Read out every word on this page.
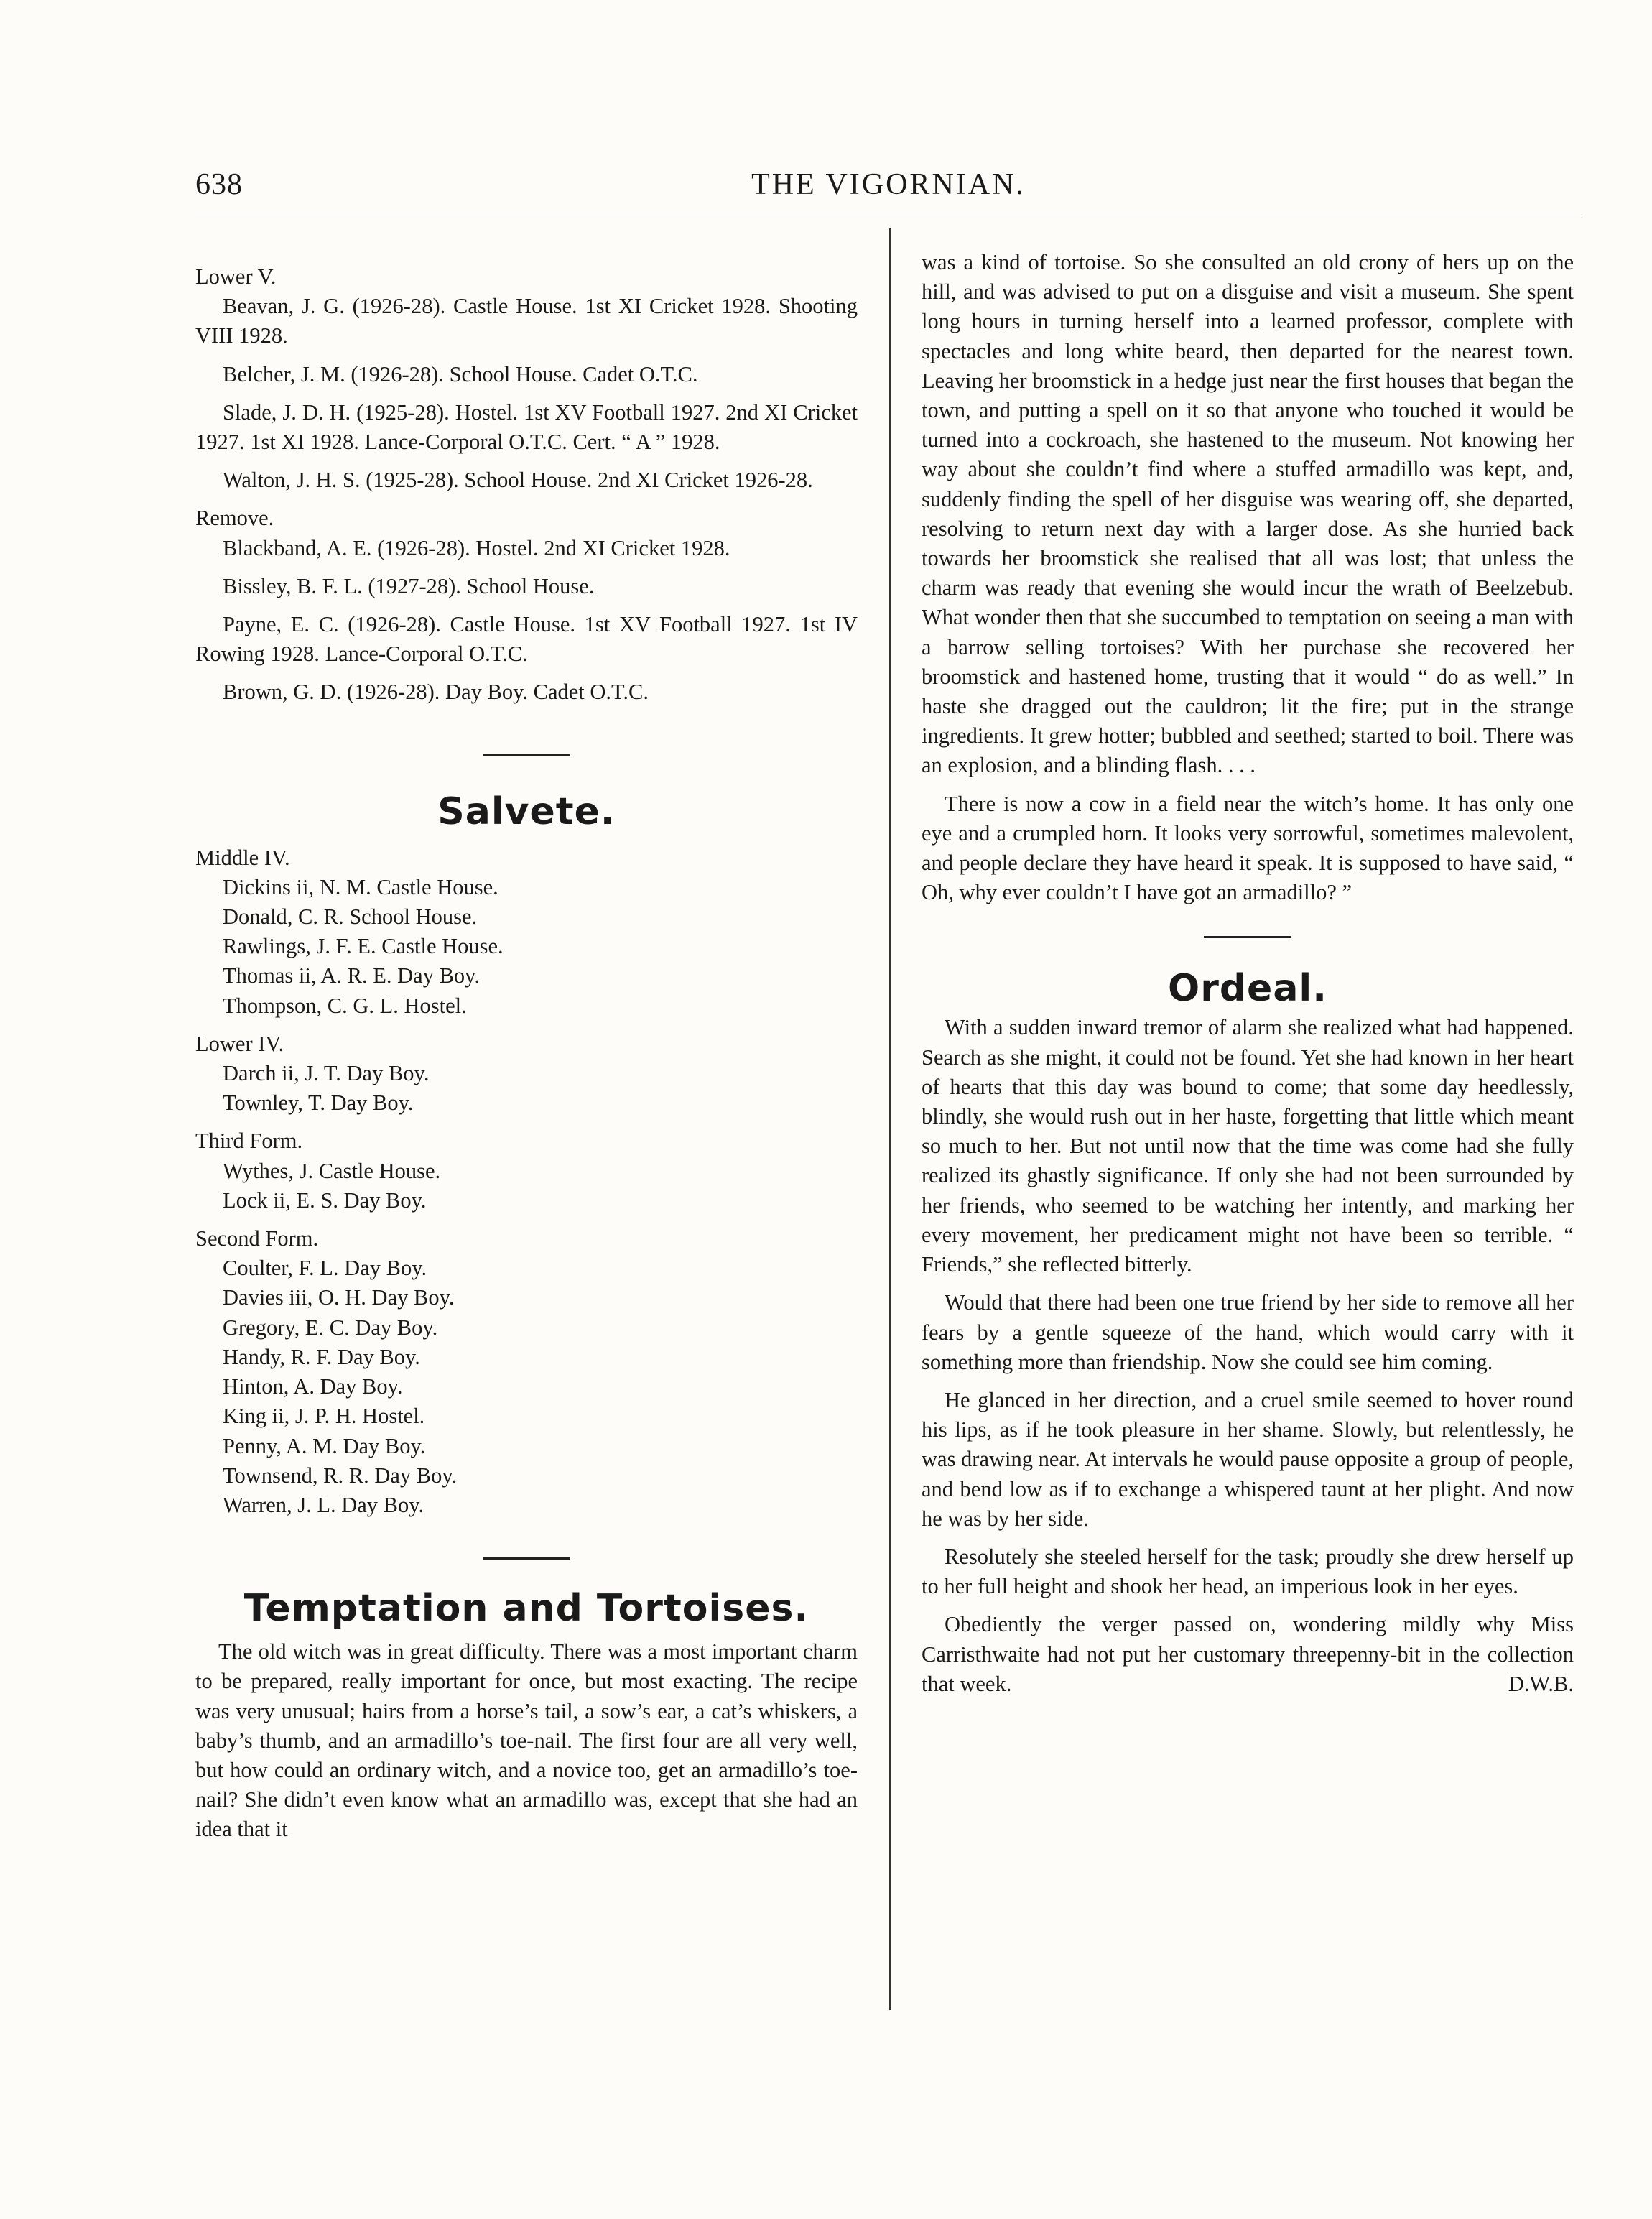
638	THE VIGORNIAN.

Lower V.

Beavan, J. G. (1926-28). Castle House. 1st XI Cricket 1928. Shooting VIII 1928.

Belcher, J. M. (1926-28). School House. Cadet O.T.C.

Slade, J. D. H. (1925-28). Hostel. 1st XV Football 1927. 2nd XI Cricket 1927. 1st XI 1928. Lance-Corporal O.T.C. Cert. “ A ” 1928.

Walton, J. H. S. (1925-28). School House. 2nd XI Cricket 1926-28.

Remove.

Blackband, A. E. (1926-28). Hostel. 2nd XI Cricket 1928.

Bissley, B. F. L. (1927-28). School House.

Payne, E. C. (1926-28). Castle House. 1st XV Football 1927. 1st IV Rowing 1928. Lance-Corporal O.T.C.

Brown, G. D. (1926-28). Day Boy. Cadet O.T.C.

Salvete.

Middle IV.

Dickins ii, N. M. Castle House.

Donald, C. R. School House.

Rawlings, J. F. E. Castle House.

Thomas ii, A. R. E. Day Boy.

Thompson, C. G. L. Hostel.

Lower IV.

Darch ii, J. T. Day Boy.

Townley, T. Day Boy.

Third Form.

Wythes, J. Castle House.

Lock ii, E. S. Day Boy.

Second Form.

Coulter, F. L. Day Boy.

Davies iii, O. H. Day Boy.

Gregory, E. C. Day Boy.

Handy, R. F. Day Boy.

Hinton, A. Day Boy.

King ii, J. P. H. Hostel.

Penny, A. M. Day Boy.

Townsend, R. R. Day Boy.

Warren, J. L. Day Boy.

Temptation and Tortoises.

The old witch was in great difficulty. There was a most important charm to be prepared, really important for once, but most exacting. The recipe was very unusual; hairs from a horse’s tail, a sow’s ear, a cat’s whiskers, a baby’s thumb, and an armadillo’s toe-nail. The first four are all very well, but how could an ordinary witch, and a novice too, get an armadillo’s toe-nail? She didn’t even know what an armadillo was, except that she had an idea that it

was a kind of tortoise. So she consulted an old crony of hers up on the hill, and was advised to put on a disguise and visit a museum. She spent long hours in turning herself into a learned professor, complete with spectacles and long white beard, then departed for the nearest town. Leaving her broomstick in a hedge just near the first houses that began the town, and putting a spell on it so that anyone who touched it would be turned into a cockroach, she hastened to the museum. Not knowing her way about she couldn’t find where a stuffed armadillo was kept, and, suddenly finding the spell of her disguise was wearing off, she departed, resolving to return next day with a larger dose. As she hurried back towards her broomstick she realised that all was lost; that unless the charm was ready that evening she would incur the wrath of Beelzebub. What wonder then that she succumbed to temptation on seeing a man with a barrow selling tortoises? With her purchase she recovered her broomstick and hastened home, trusting that it would “ do as well.” In haste she dragged out the cauldron; lit the fire; put in the strange ingredients. It grew hotter; bubbled and seethed; started to boil. There was an explosion, and a blinding flash. . . .

There is now a cow in a field near the witch’s home. It has only one eye and a crumpled horn. It looks very sorrowful, sometimes malevolent, and people declare they have heard it speak. It is supposed to have said, “ Oh, why ever couldn’t I have got an armadillo? ”

Ordeal.

With a sudden inward tremor of alarm she realized what had happened. Search as she might, it could not be found. Yet she had known in her heart of hearts that this day was bound to come; that some day heedlessly, blindly, she would rush out in her haste, forgetting that little which meant so much to her. But not until now that the time was come had she fully realized its ghastly significance. If only she had not been surrounded by her friends, who seemed to be watching her intently, and marking her every movement, her predicament might not have been so terrible. “ Friends,” she reflected bitterly.

Would that there had been one true friend by her side to remove all her fears by a gentle squeeze of the hand, which would carry with it something more than friendship. Now she could see him coming.

He glanced in her direction, and a cruel smile seemed to hover round his lips, as if he took pleasure in her shame. Slowly, but relentlessly, he was drawing near. At intervals he would pause opposite a group of people, and bend low as if to exchange a whispered taunt at her plight. And now he was by her side.

Resolutely she steeled herself for the task; proudly she drew herself up to her full height and shook her head, an imperious look in her eyes.

Obediently the verger passed on, wondering mildly why Miss Carristhwaite had not put her customary threepenny-bit in the collection that week.	D.W.B.
